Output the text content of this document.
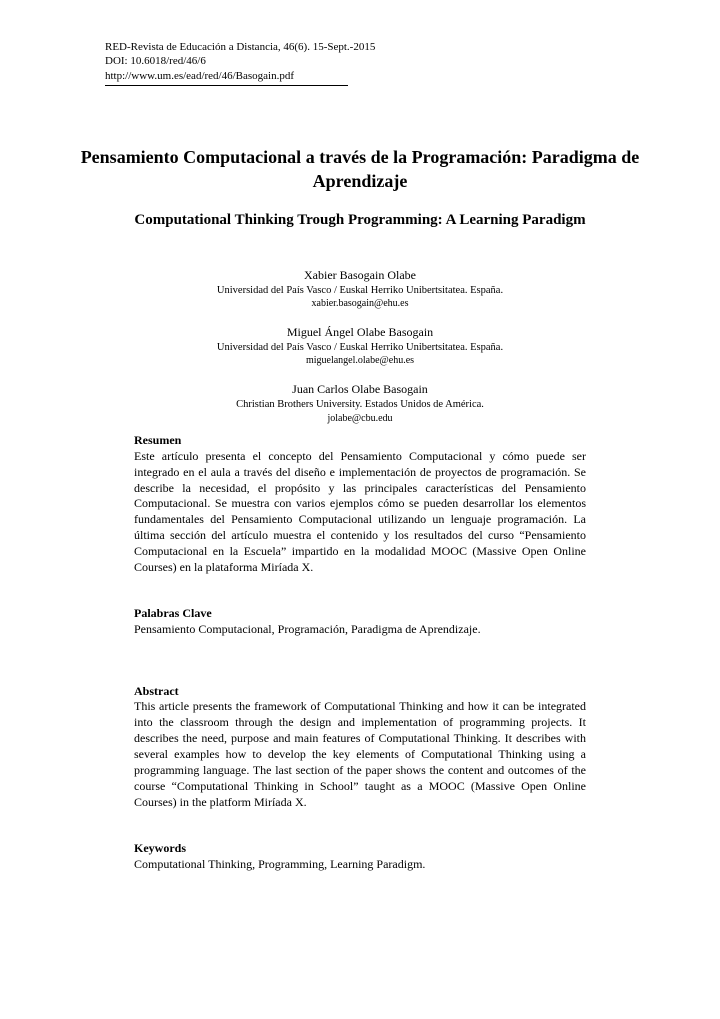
RED-Revista de Educación a Distancia, 46(6). 15-Sept.-2015
DOI: 10.6018/red/46/6
http://www.um.es/ead/red/46/Basogain.pdf
Pensamiento Computacional a través de la Programación: Paradigma de Aprendizaje
Computational Thinking Trough Programming: A Learning Paradigm
Xabier Basogain Olabe
Universidad del País Vasco / Euskal Herriko Unibertsitatea. España.
xabier.basogain@ehu.es
Miguel Ángel Olabe Basogain
Universidad del País Vasco / Euskal Herriko Unibertsitatea. España.
miguelangel.olabe@ehu.es
Juan Carlos Olabe Basogain
Christian Brothers University. Estados Unidos de América.
jolabe@cbu.edu

Resumen

Este artículo presenta el concepto del Pensamiento Computacional y cómo puede ser integrado en el aula a través del diseño e implementación de proyectos de programación. Se describe la necesidad, el propósito y las principales características del Pensamiento Computacional. Se muestra con varios ejemplos cómo se pueden desarrollar los elementos fundamentales del Pensamiento Computacional utilizando un lenguaje programación. La última sección del artículo muestra el contenido y los resultados del curso “Pensamiento Computacional en la Escuela” impartido en la modalidad MOOC (Massive Open Online Courses) en la plataforma Miríada X.

Palabras Clave

Pensamiento Computacional, Programación, Paradigma de Aprendizaje.

Abstract

This article presents the framework of Computational Thinking and how it can be integrated into the classroom through the design and implementation of programming projects. It describes the need, purpose and main features of Computational Thinking. It describes with several examples how to develop the key elements of Computational Thinking using a programming language. The last section of the paper shows the content and outcomes of the course “Computational Thinking in School” taught as a MOOC (Massive Open Online Courses) in the platform Miríada X.

Keywords

Computational Thinking, Programming, Learning Paradigm.
